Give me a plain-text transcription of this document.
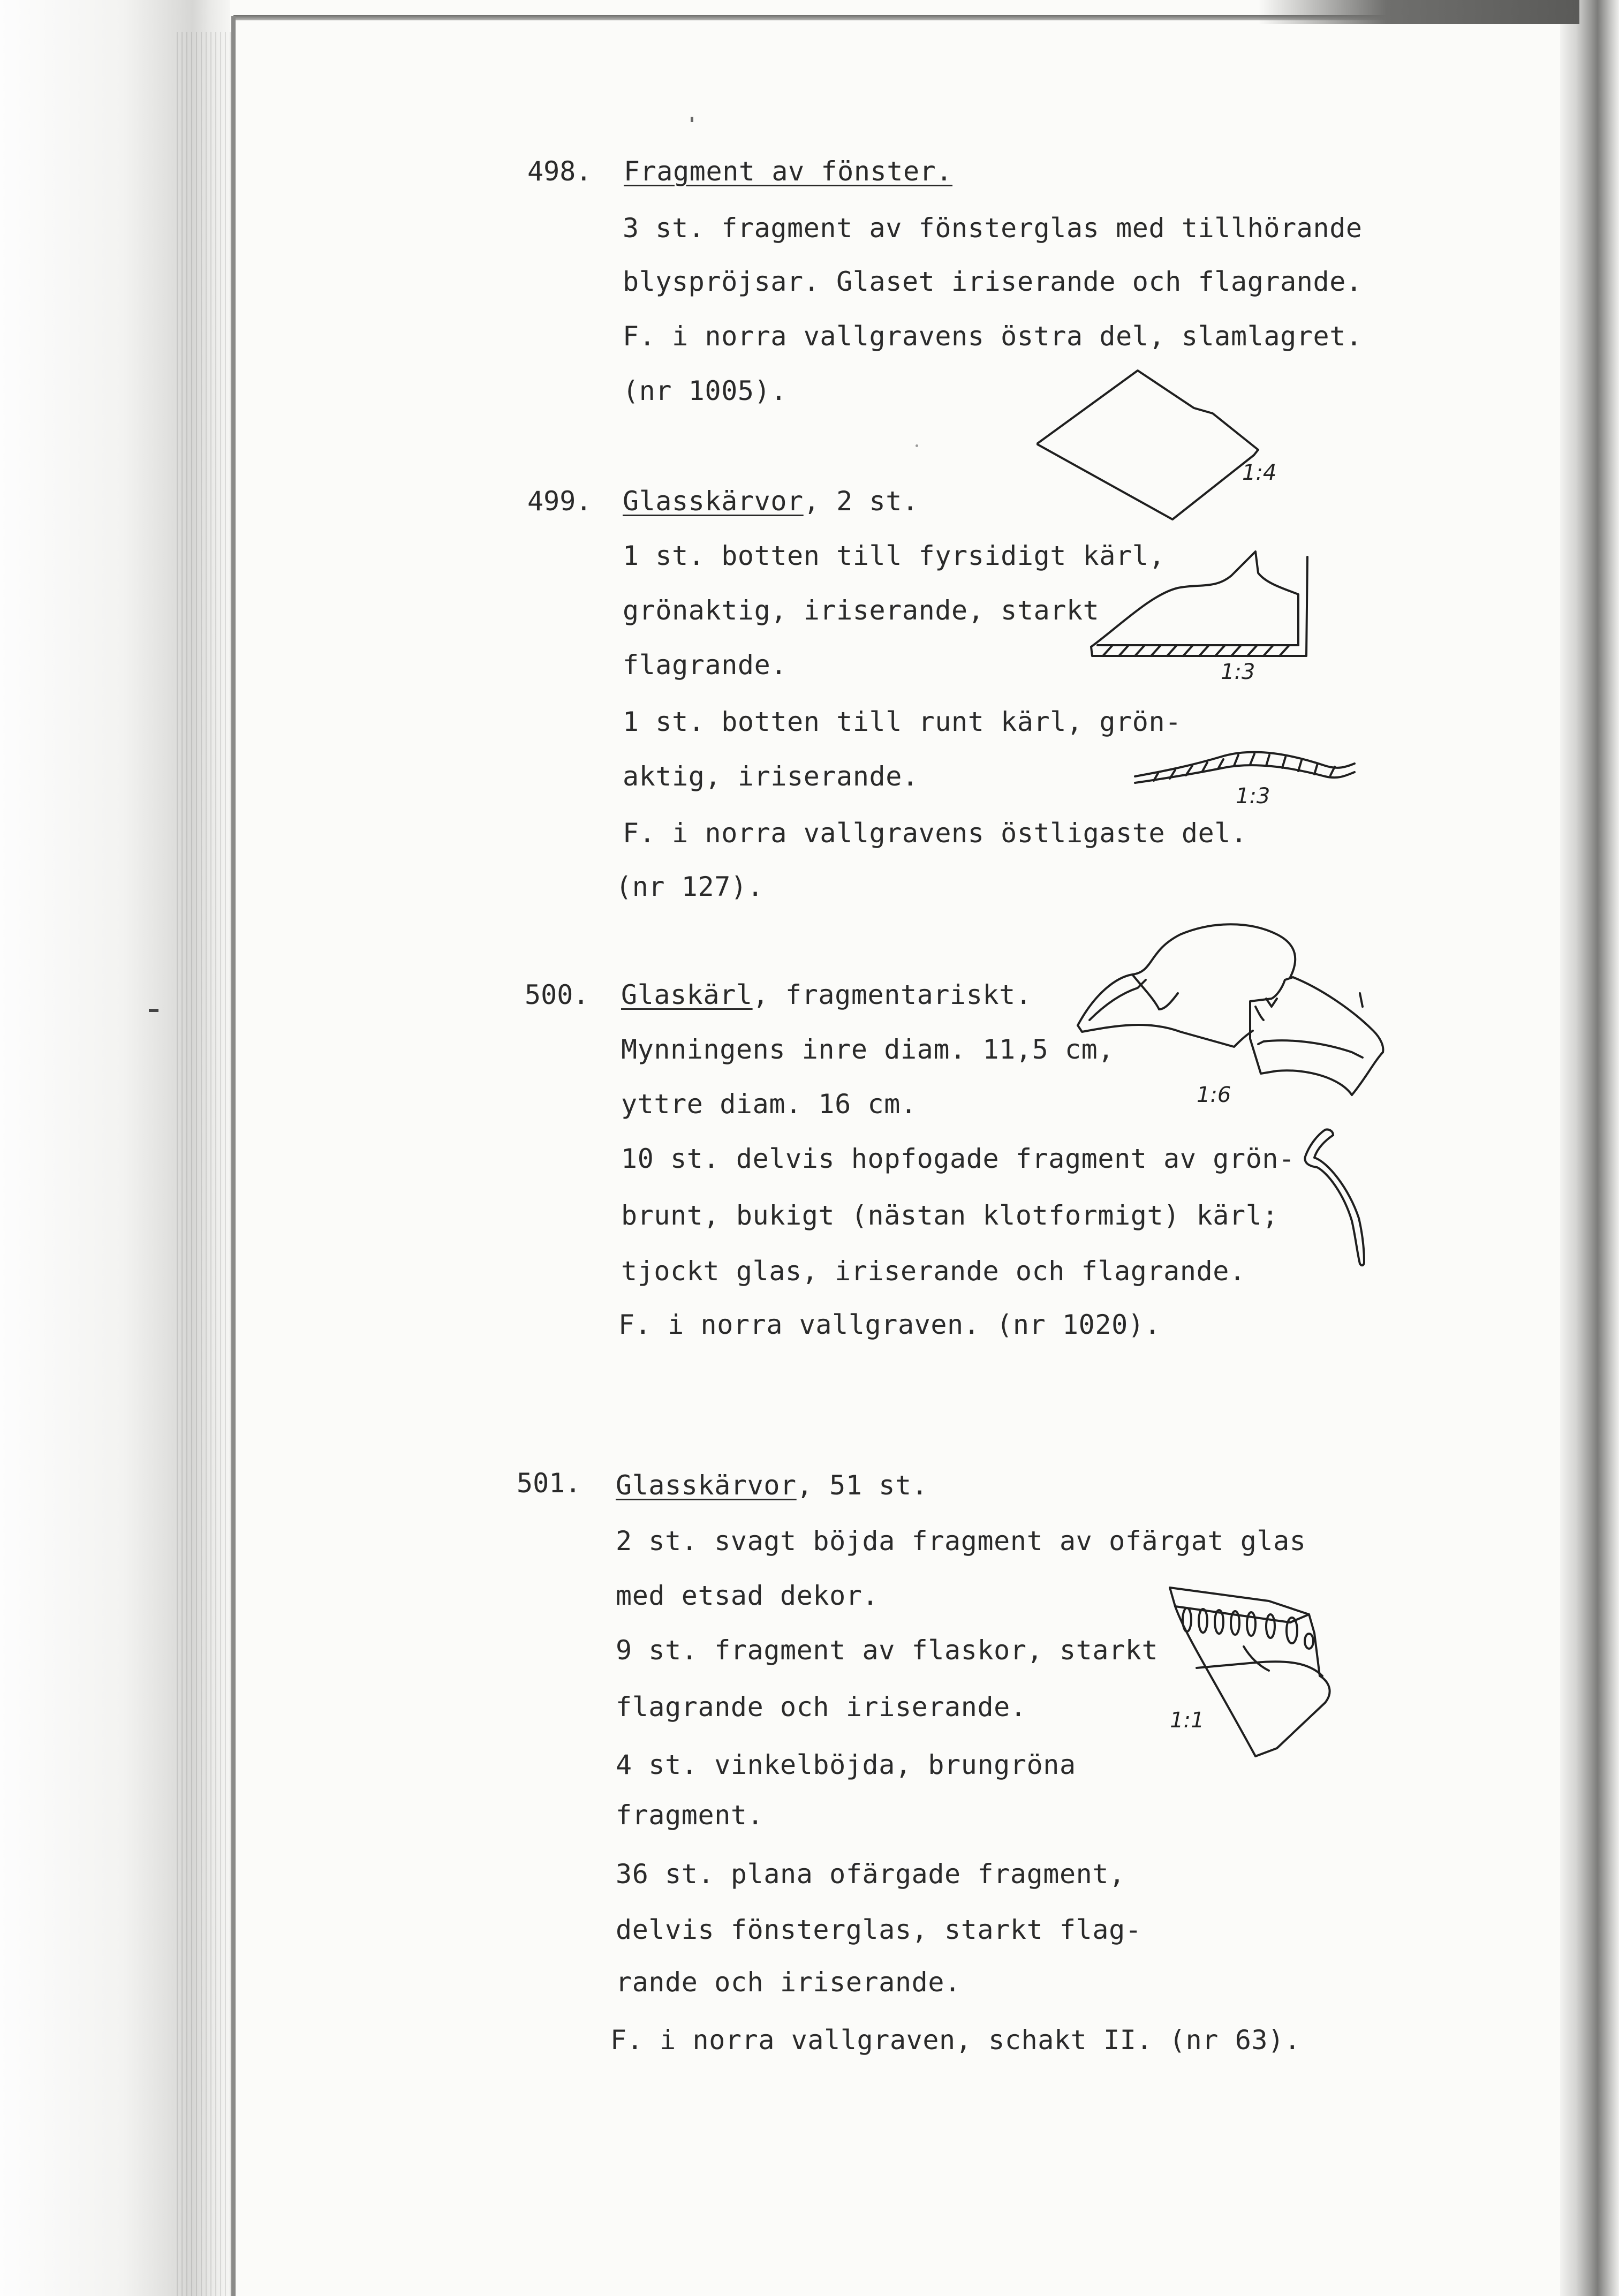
498. Fragment av fönster.
3 st. fragment av fönsterglas med tillhörande
blyspröjsar. Glaset iriserande och flagrande.
F. i norra vallgravens östra del, slamlagret.
(nr 1005).
1:4
499. Glasskärvor, 2 st.
1 st. botten till fyrsidigt kärl,
grönaktig, iriserande, starkt
flagrande.
1 st. botten till runt kärl, grön-
aktig, iriserande.
F. i norra vallgravens östligaste del.
(nr 127).
1:3
1:3
500. Glaskärl, fragmentariskt.
Mynningens inre diam. 11,5 cm,
yttre diam. 16 cm.
10 st. delvis hopfogade fragment av grön-
brunt, bukigt (nästan klotformigt) kärl;
tjockt glas, iriserande och flagrande.
F. i norra vallgraven. (nr 1020).
1:6
501. Glasskärvor, 51 st.
2 st. svagt böjda fragment av ofärgat glas
med etsad dekor.
9 st. fragment av flaskor, starkt
flagrande och iriserande.
4 st. vinkelböjda, brungröna
fragment.
36 st. plana ofärgade fragment,
delvis fönsterglas, starkt flag-
rande och iriserande.
F. i norra vallgraven, schakt II. (nr 63).
1:1
